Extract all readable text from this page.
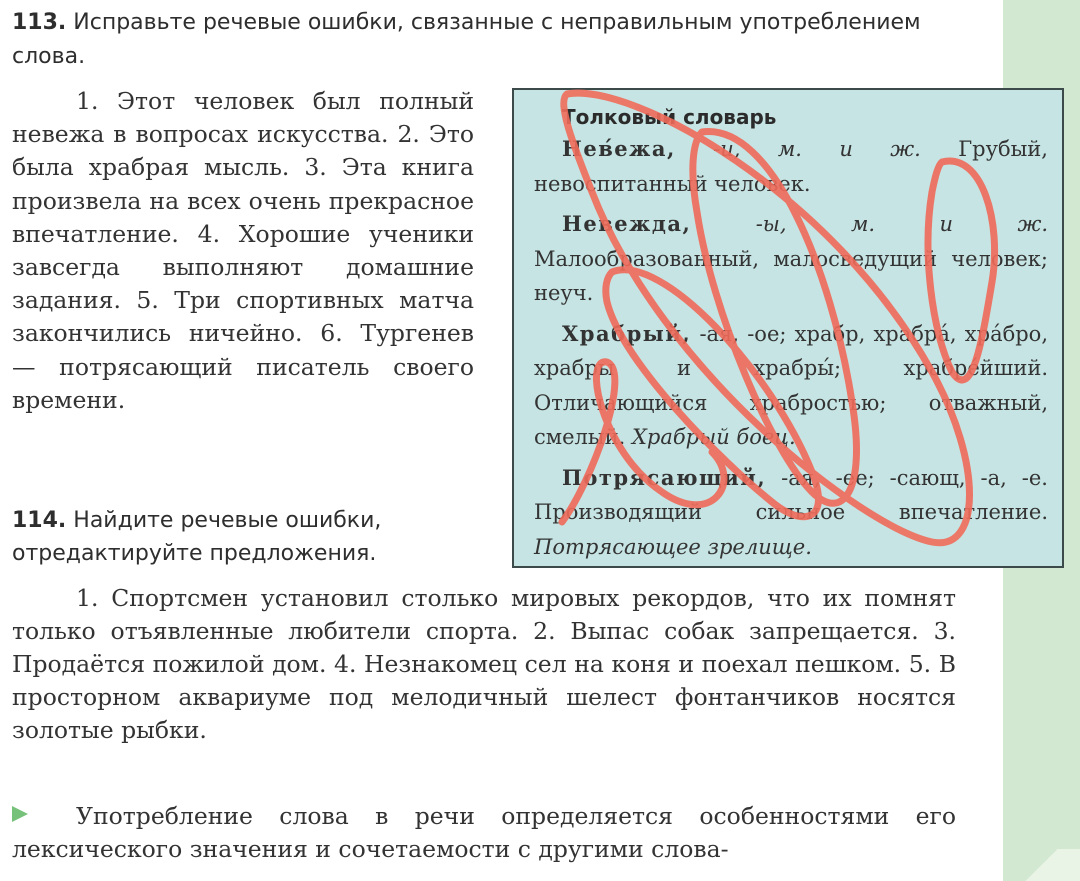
113. Исправьте речевые ошибки, связанные с неправильным употреблением слова.

1. Этот человек был полный невежа в вопросах искусства. 2. Это была храбрая мысль. 3. Эта книга произвела на всех очень прекрасное впечатление. 4. Хорошие ученики завсегда выполняют домашние задания. 5. Три спортивных матча закончились ничейно. 6. Тургенев — потрясающий писатель своего времени.

Толковый словарь

Нев́ежа, -и, м. и ж. Грубый, невоспитанный человек.

Невежда,	-ы, м. и ж. Малообразованный, малосведущий человек; неуч.

Храбрый, -ая, -ое; храбр, храбра́, хра́бро, храбры и храбры́; храбре́йший. Отличающийся храбростью; отважный, смелый. Храбрый боец.

Потрясающий, -ая, -ее; -сающ, -а, -е. Производящий сильное впечатление. Потрясающее зрелище.

114. Найдите речевые ошибки, отредактируйте предложения.

1. Спортсмен установил столько мировых рекордов, что их помнят только отъявленные любители спорта. 2. Выпас собак запрещается. 3. Продаётся пожилой дом. 4. Незнакомец сел на коня и поехал пешком. 5. В просторном аквариуме под мелодичный шелест фонтанчиков носятся золотые рыбки.

Употребление слова в речи определяется особенностями его лексического значения и сочетаемости с другими слова-
